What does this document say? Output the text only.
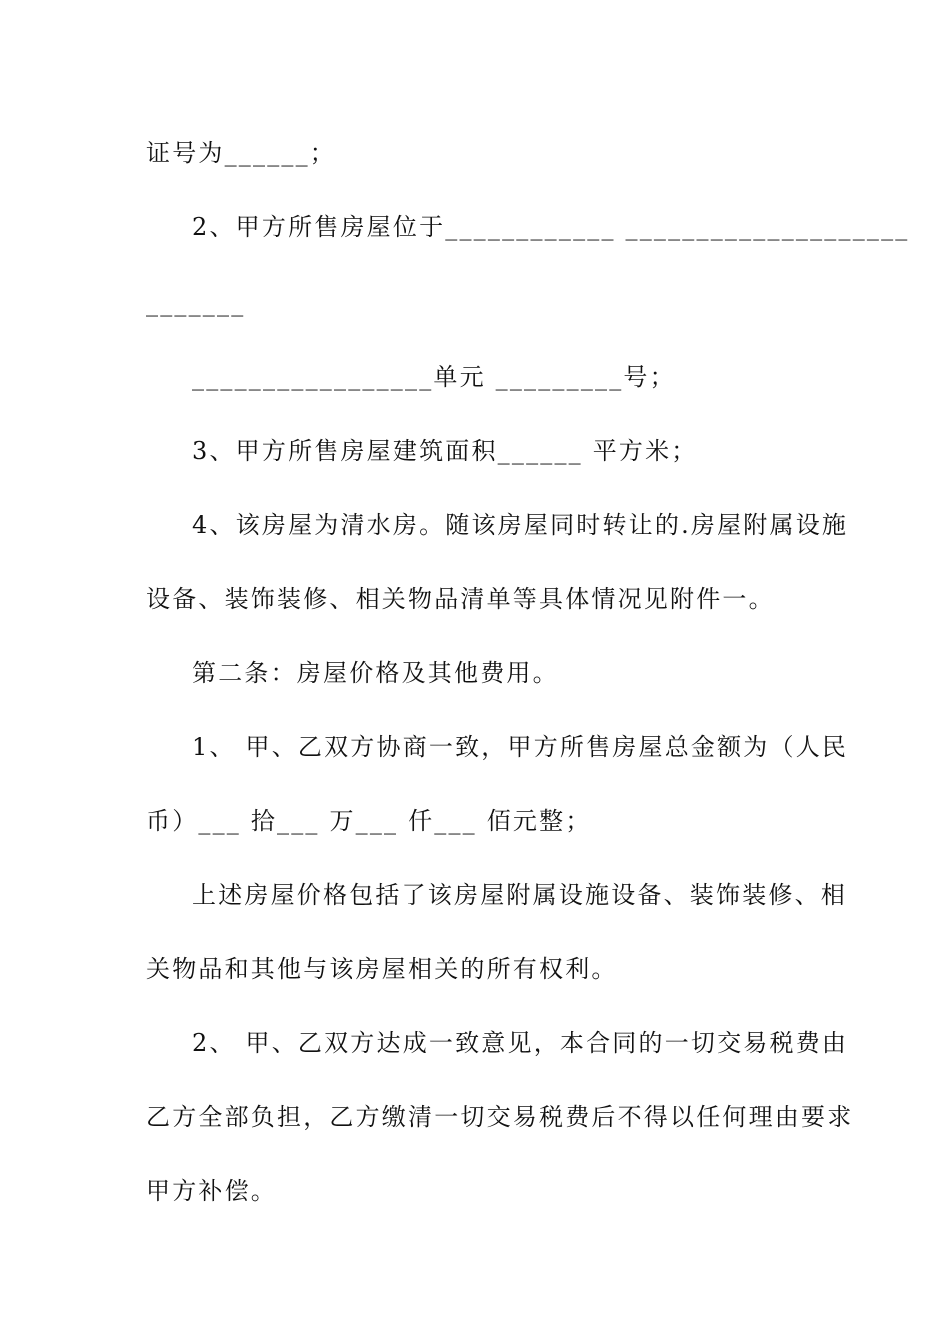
证号为______；
2、甲方所售房屋位于____________ ____________________
_______
_________________单元 _________号；
3、甲方所售房屋建筑面积______ 平方米；
4、该房屋为清水房。随该房屋同时转让的.房屋附属设施
设备、装饰装修、相关物品清单等具体情况见附件一。
第二条：房屋价格及其他费用。
1、 甲、乙双方协商一致，甲方所售房屋总金额为（人民
币）___ 拾___ 万___ 仟___ 佰元整；
上述房屋价格包括了该房屋附属设施设备、装饰装修、相
关物品和其他与该房屋相关的所有权利。
2、 甲、乙双方达成一致意见，本合同的一切交易税费由
乙方全部负担，乙方缴清一切交易税费后不得以任何理由要求
甲方补偿。
